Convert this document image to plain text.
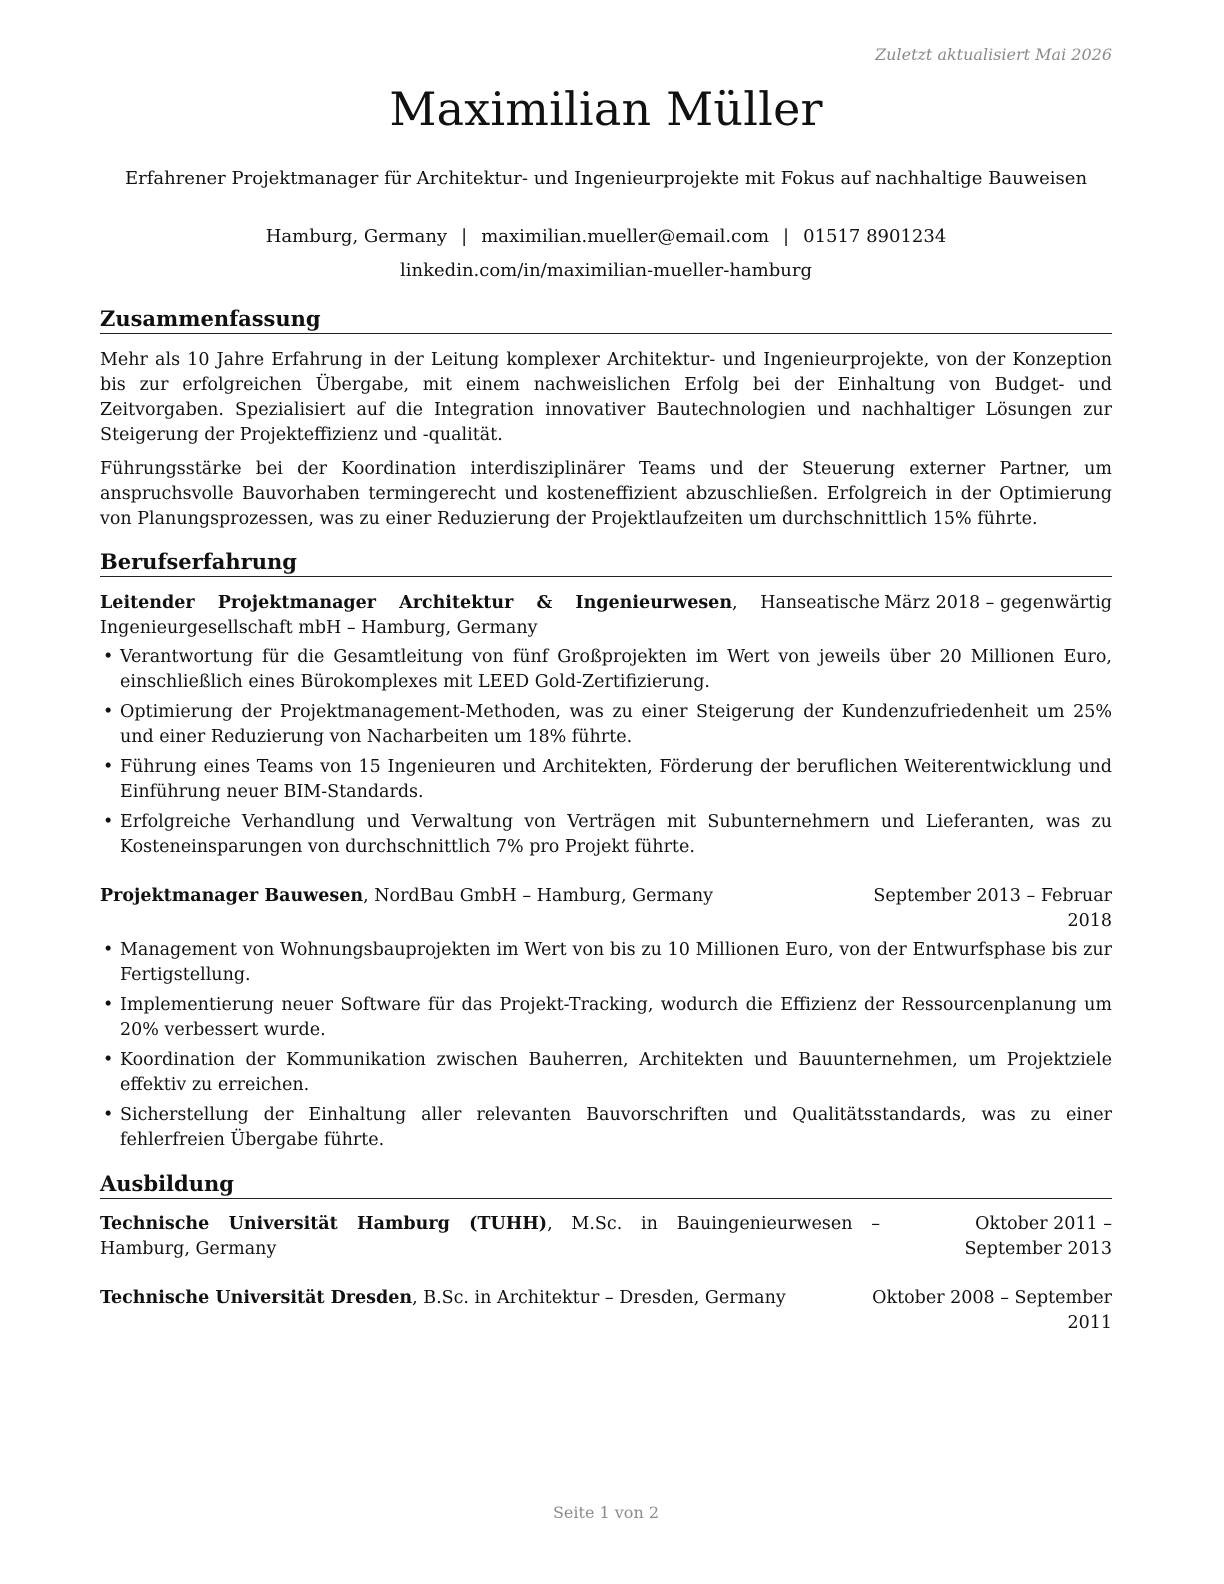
Zuletzt aktualisiert Mai 2026
Maximilian Müller
Erfahrener Projektmanager für Architektur- und Ingenieurprojekte mit Fokus auf nachhaltige Bauweisen
Hamburg, Germany | maximilian.mueller@email.com | 01517 8901234
linkedin.com/in/maximilian-mueller-hamburg
Zusammenfassung

Mehr als 10 Jahre Erfahrung in der Leitung komplexer Architektur- und Ingenieurprojekte, von der Konzeption bis zur erfolgreichen Übergabe, mit einem nachweislichen Erfolg bei der Einhaltung von Budget- und Zeitvorgaben. Spezialisiert auf die Integration innovativer Bautechnologien und nachhaltiger Lösungen zur Steigerung der Projekteffizienz und -qualität.

Führungsstärke bei der Koordination interdisziplinärer Teams und der Steuerung externer Partner, um anspruchsvolle Bauvorhaben termingerecht und kosteneffizient abzuschließen. Erfolgreich in der Optimierung von Planungsprozessen, was zu einer Reduzierung der Projektlaufzeiten um durchschnittlich 15% führte.

Berufserfahrung
Leitender Projektmanager Architektur & Ingenieurwesen, Hanseatische Ingenieurgesellschaft mbH – Hamburg, Germany
März 2018 – gegenwärtig
• Verantwortung für die Gesamtleitung von fünf Großprojekten im Wert von jeweils über 20 Millionen Euro, einschließlich eines Bürokomplexes mit LEED Gold-Zertifizierung.
• Optimierung der Projektmanagement-Methoden, was zu einer Steigerung der Kundenzufriedenheit um 25% und einer Reduzierung von Nacharbeiten um 18% führte.
• Führung eines Teams von 15 Ingenieuren und Architekten, Förderung der beruflichen Weiterentwicklung und Einführung neuer BIM-Standards.
• Erfolgreiche Verhandlung und Verwaltung von Verträgen mit Subunternehmern und Lieferanten, was zu Kosteneinsparungen von durchschnittlich 7% pro Projekt führte.
Projektmanager Bauwesen, NordBau GmbH – Hamburg, Germany	September 2013 – Februar 2018
• Management von Wohnungsbauprojekten im Wert von bis zu 10 Millionen Euro, von der Entwurfsphase bis zur Fertigstellung.
• Implementierung neuer Software für das Projekt-Tracking, wodurch die Effizienz der Ressourcenplanung um 20% verbessert wurde.
• Koordination der Kommunikation zwischen Bauherren, Architekten und Bauunternehmen, um Projektziele effektiv zu erreichen.
• Sicherstellung der Einhaltung aller relevanten Bauvorschriften und Qualitätsstandards, was zu einer fehlerfreien Übergabe führte.
Ausbildung
Technische Universität Hamburg (TUHH), M.Sc. in Bauingenieurwesen – Hamburg, Germany
Oktober 2011 – September 2013
Technische Universität Dresden, B.Sc. in Architektur – Dresden, Germany	Oktober 2008 – September 2011
Seite 1 von 2
